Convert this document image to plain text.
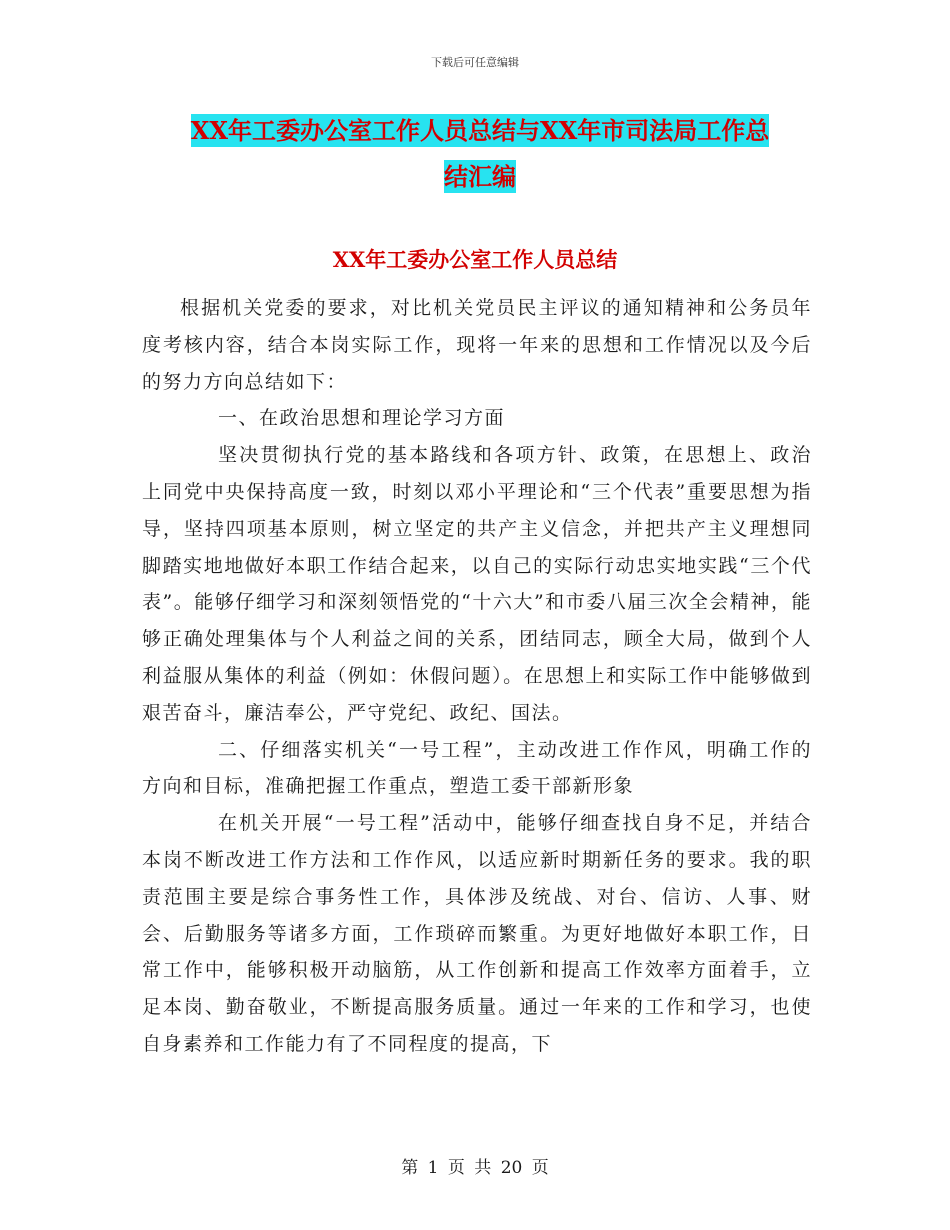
下载后可任意编辑
XX年工委办公室工作人员总结与XX年市司法局工作总
结汇编
XX年工委办公室工作人员总结

根据机关党委的要求，对比机关党员民主评议的通知精神和公务员年度考核内容，结合本岗实际工作，现将一年来的思想和工作情况以及今后的努力方向总结如下：

一、在政治思想和理论学习方面

坚决贯彻执行党的基本路线和各项方针、政策，在思想上、政治上同党中央保持高度一致，时刻以邓小平理论和“三个代表”重要思想为指导，坚持四项基本原则，树立坚定的共产主义信念，并把共产主义理想同脚踏实地地做好本职工作结合起来，以自己的实际行动忠实地实践“三个代表”。能够仔细学习和深刻领悟党的“十六大”和市委八届三次全会精神，能够正确处理集体与个人利益之间的关系，团结同志，顾全大局，做到个人利益服从集体的利益（例如：休假问题）。在思想上和实际工作中能够做到艰苦奋斗，廉洁奉公，严守党纪、政纪、国法。

二、仔细落实机关“一号工程”，主动改进工作作风，明确工作的方向和目标，准确把握工作重点，塑造工委干部新形象

在机关开展“一号工程”活动中，能够仔细查找自身不足，并结合本岗不断改进工作方法和工作作风，以适应新时期新任务的要求。我的职责范围主要是综合事务性工作，具体涉及统战、对台、信访、人事、财会、后勤服务等诸多方面，工作琐碎而繁重。为更好地做好本职工作，日常工作中，能够积极开动脑筋，从工作创新和提高工作效率方面着手，立足本岗、勤奋敬业，不断提高服务质量。通过一年来的工作和学习，也使自身素养和工作能力有了不同程度的提高，下

第 1 页 共 20 页
